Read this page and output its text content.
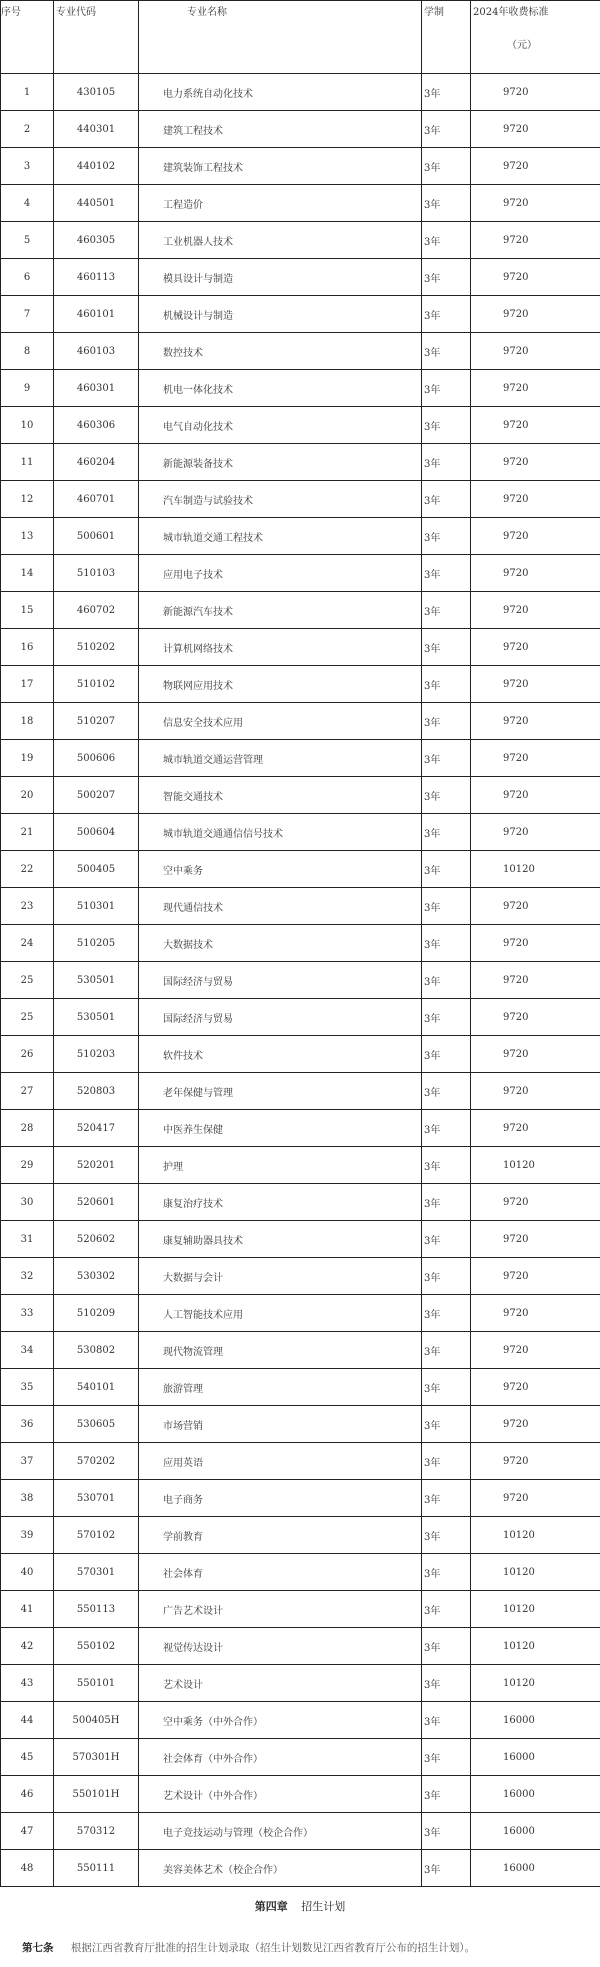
序号	专业代码	专业名称	学制	2024年收费标准
（元）

1	430105	电力系统自动化技术	3年	9720
2	440301	建筑工程技术	3年	9720
3	440102	建筑装饰工程技术	3年	9720
4	440501	工程造价	3年	9720
5	460305	工业机器人技术	3年	9720
6	460113	模具设计与制造	3年	9720
7	460101	机械设计与制造	3年	9720
8	460103	数控技术	3年	9720
9	460301	机电一体化技术	3年	9720
10	460306	电气自动化技术	3年	9720
11	460204	新能源装备技术	3年	9720
12	460701	汽车制造与试验技术	3年	9720
13	500601	城市轨道交通工程技术	3年	9720
14	510103	应用电子技术	3年	9720
15	460702	新能源汽车技术	3年	9720
16	510202	计算机网络技术	3年	9720
17	510102	物联网应用技术	3年	9720
18	510207	信息安全技术应用	3年	9720
19	500606	城市轨道交通运营管理	3年	9720
20	500207	智能交通技术	3年	9720
21	500604	城市轨道交通通信信号技术	3年	9720
22	500405	空中乘务	3年	10120
23	510301	现代通信技术	3年	9720
24	510205	大数据技术	3年	9720
25	530501	国际经济与贸易	3年	9720
25	530501	国际经济与贸易	3年	9720
26	510203	软件技术	3年	9720
27	520803	老年保健与管理	3年	9720
28	520417	中医养生保健	3年	9720
29	520201	护理	3年	10120
30	520601	康复治疗技术	3年	9720
31	520602	康复辅助器具技术	3年	9720
32	530302	大数据与会计	3年	9720
33	510209	人工智能技术应用	3年	9720
34	530802	现代物流管理	3年	9720
35	540101	旅游管理	3年	9720
36	530605	市场营销	3年	9720
37	570202	应用英语	3年	9720
38	530701	电子商务	3年	9720
39	570102	学前教育	3年	10120
40	570301	社会体育	3年	10120
41	550113	广告艺术设计	3年	10120
42	550102	视觉传达设计	3年	10120
43	550101	艺术设计	3年	10120
44	500405H	空中乘务（中外合作）	3年	16000
45	570301H	社会体育（中外合作）	3年	16000
46	550101H	艺术设计（中外合作）	3年	16000
47	570312	电子竞技运动与管理（校企合作）	3年	16000
48	550111	美容美体艺术（校企合作）	3年	16000
第四章 招生计划
第七条 根据江西省教育厅批准的招生计划录取（招生计划数见江西省教育厅公布的招生计划）。
